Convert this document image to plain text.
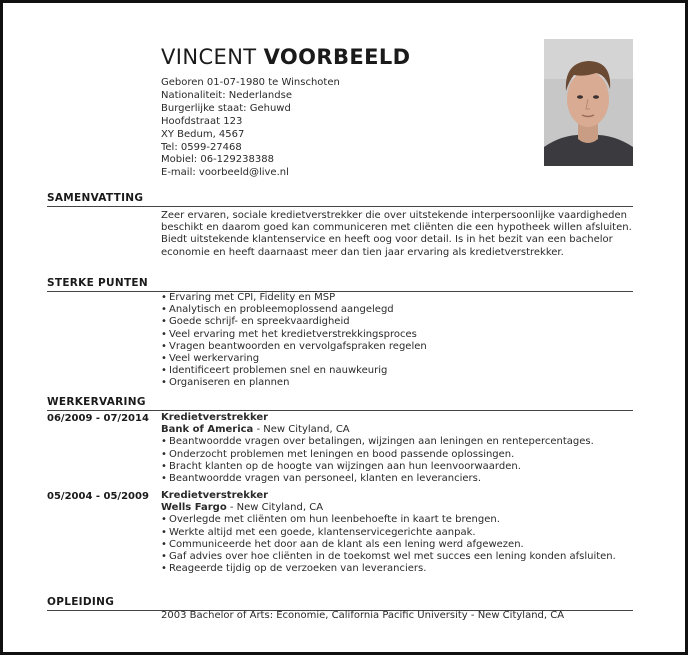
VINCENT VOORBEELD
Geboren 01-07-1980 te Winschoten
Nationaliteit: Nederlandse
Burgerlijke staat: Gehuwd
Hoofdstraat 123
XY Bedum, 4567
Tel: 0599-27468
Mobiel: 06-129238388
E-mail: voorbeeld@live.nl
SAMENVATTING
Zeer ervaren, sociale kredietverstrekker die over uitstekende interpersoonlijke vaardigheden beschikt en daarom goed kan communiceren met cliënten die een hypotheek willen afsluiten. Biedt uitstekende klantenservice en heeft oog voor detail. Is in het bezit van een bachelor economie en heeft daarnaast meer dan tien jaar ervaring als kredietverstrekker.
STERKE PUNTEN
• Ervaring met CPI, Fidelity en MSP
• Analytisch en probleemoplossend aangelegd
• Goede schrijf- en spreekvaardigheid
• Veel ervaring met het kredietverstrekkingsproces
• Vragen beantwoorden en vervolgafspraken regelen
• Veel werkervaring
• Identificeert problemen snel en nauwkeurig
• Organiseren en plannen
WERKERVARING
06/2009 - 07/2014 Kredietverstrekker
Bank of America - New Cityland, CA
• Beantwoordde vragen over betalingen, wijzingen aan leningen en rentepercentages.
• Onderzocht problemen met leningen en bood passende oplossingen.
• Bracht klanten op de hoogte van wijzingen aan hun leenvoorwaarden.
• Beantwoordde vragen van personeel, klanten en leveranciers.
05/2004 - 05/2009 Kredietverstrekker
Wells Fargo - New Cityland, CA
• Overlegde met cliënten om hun leenbehoefte in kaart te brengen.
• Werkte altijd met een goede, klantenservicegerichte aanpak.
• Communiceerde het door aan de klant als een lening werd afgewezen.
• Gaf advies over hoe cliënten in de toekomst wel met succes een lening konden afsluiten.
• Reageerde tijdig op de verzoeken van leveranciers.
OPLEIDING
2003 Bachelor of Arts: Economie, California Pacific University - New Cityland, CA
